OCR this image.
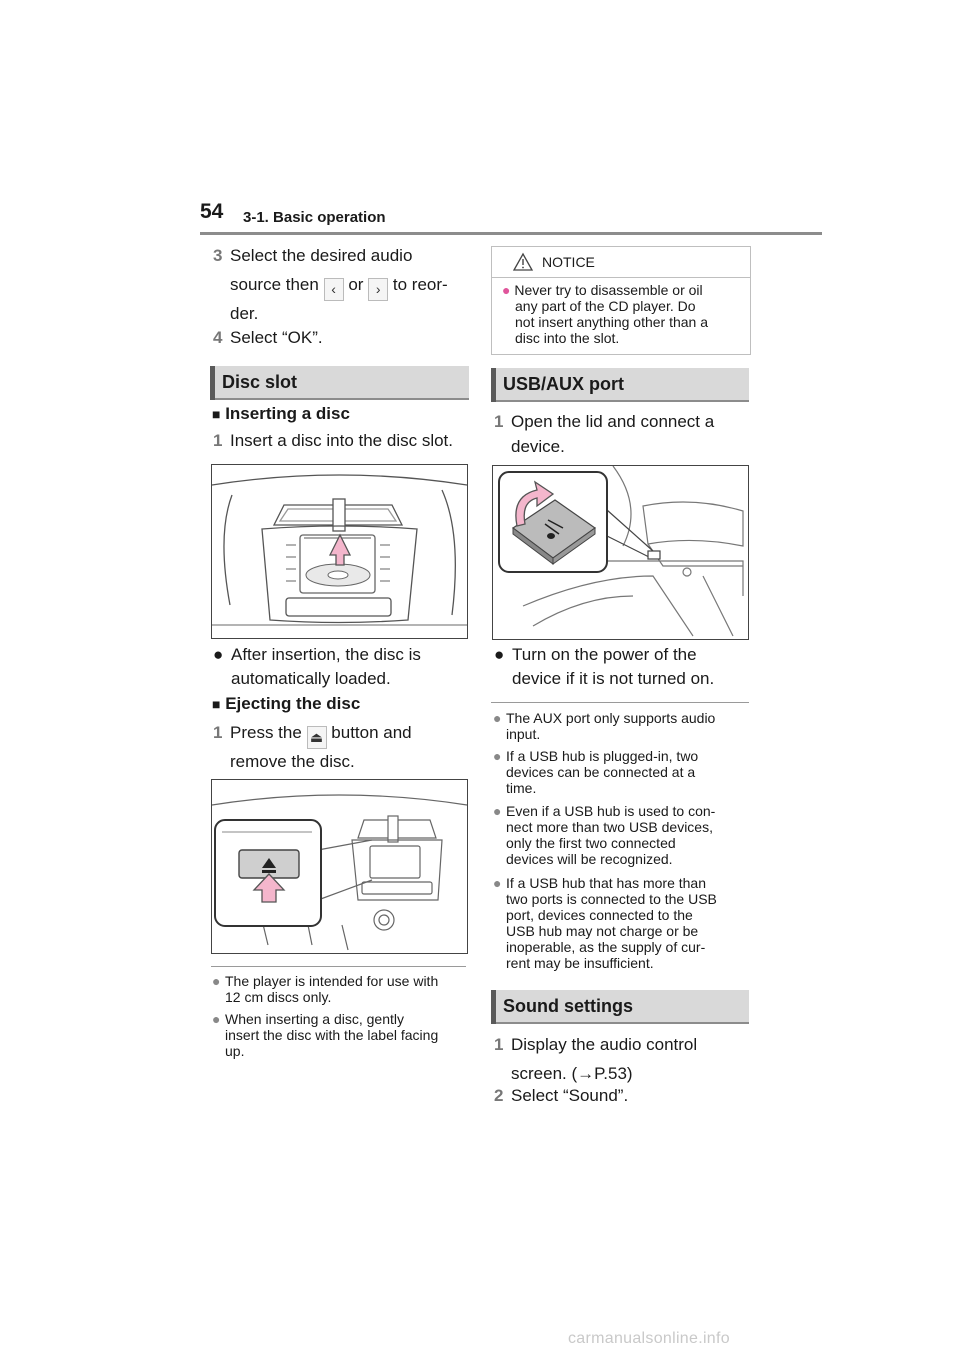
54 3-1. Basic operation
3 Select the desired audio
source then ‹ or › to reor-
der.
4 Select “OK”.
Disc slot
■ Inserting a disc
1 Insert a disc into the disc slot.
● After insertion, the disc is
automatically loaded.
■ Ejecting the disc
1 Press the ⏏ button and
remove the disc.
● The player is intended for use with
12 cm discs only.
● When inserting a disc, gently
insert the disc with the label facing
up.
NOTICE
● Never try to disassemble or oil
any part of the CD player. Do
not insert anything other than a
disc into the slot.
USB/AUX port
1 Open the lid and connect a
device.
● Turn on the power of the
device if it is not turned on.
● The AUX port only supports audio
input.
● If a USB hub is plugged-in, two
devices can be connected at a
time.
● Even if a USB hub is used to con-
nect more than two USB devices,
only the first two connected
devices will be recognized.
● If a USB hub that has more than
two ports is connected to the USB
port, devices connected to the
USB hub may not charge or be
inoperable, as the supply of cur-
rent may be insufficient.
Sound settings
1 Display the audio control
screen. (→P.53)
2 Select “Sound”.
carmanualsonline.info
